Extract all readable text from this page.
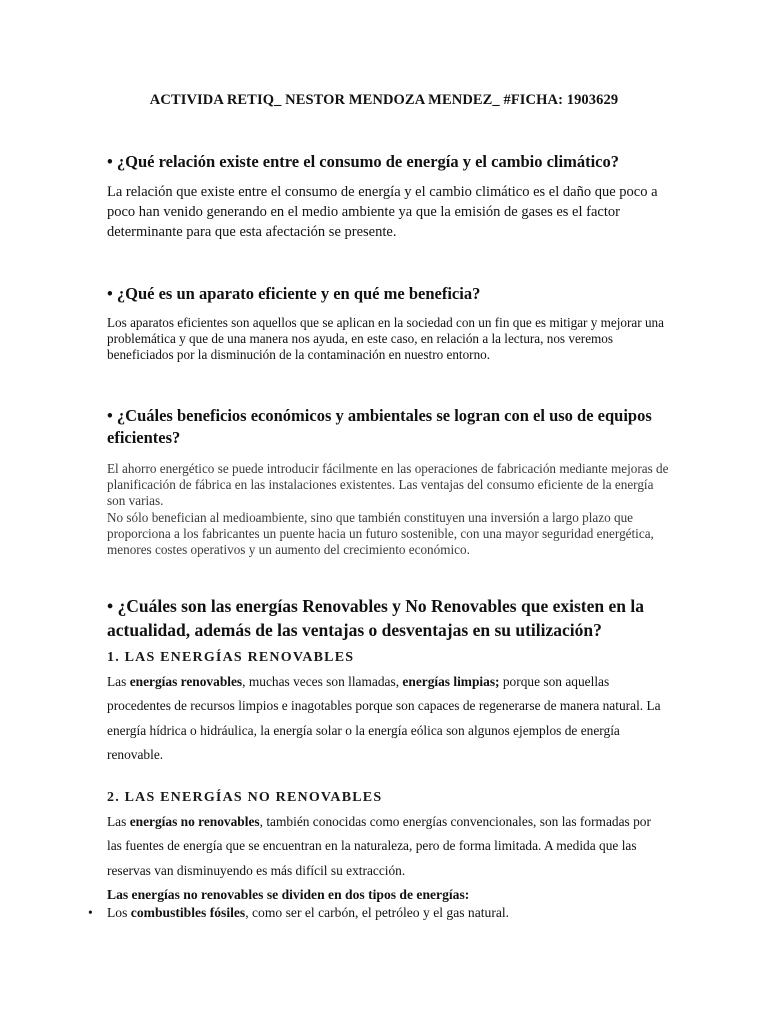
ACTIVIDA RETIQ_ NESTOR MENDOZA MENDEZ_ #FICHA: 1903629
• ¿Qué relación existe entre el consumo de energía y el cambio climático?
La relación que existe entre el consumo de energía y el cambio climático es el daño que poco a poco han venido generando en el medio ambiente ya que la emisión de gases es el factor determinante para que esta afectación se presente.
• ¿Qué es un aparato eficiente y en qué me beneficia?
Los aparatos eficientes son aquellos que se aplican en la sociedad con un fin que es mitigar y mejorar una problemática y que de una manera nos ayuda, en este caso, en relación a la lectura, nos veremos beneficiados por la disminución de la contaminación en nuestro entorno.
• ¿Cuáles beneficios económicos y ambientales se logran con el uso de equipos eficientes?
El ahorro energético se puede introducir fácilmente en las operaciones de fabricación mediante mejoras de planificación de fábrica en las instalaciones existentes. Las ventajas del consumo eficiente de la energía son varias.
No sólo benefician al medioambiente, sino que también constituyen una inversión a largo plazo que proporciona a los fabricantes un puente hacia un futuro sostenible, con una mayor seguridad energética, menores costes operativos y un aumento del crecimiento económico.
• ¿Cuáles son las energías Renovables y No Renovables que existen en la actualidad, además de las ventajas o desventajas en su utilización?
1. LAS ENERGÍAS RENOVABLES
Las energías renovables, muchas veces son llamadas, energías limpias; porque son aquellas procedentes de recursos limpios e inagotables porque son capaces de regenerarse de manera natural. La energía hídrica o hidráulica, la energía solar o la energía eólica son algunos ejemplos de energía renovable.
2. LAS ENERGÍAS NO RENOVABLES
Las energías no renovables, también conocidas como energías convencionales, son las formadas por las fuentes de energía que se encuentran en la naturaleza, pero de forma limitada. A medida que las reservas van disminuyendo es más difícil su extracción.
Las energías no renovables se dividen en dos tipos de energías:
• Los combustibles fósiles, como ser el carbón, el petróleo y el gas natural.
